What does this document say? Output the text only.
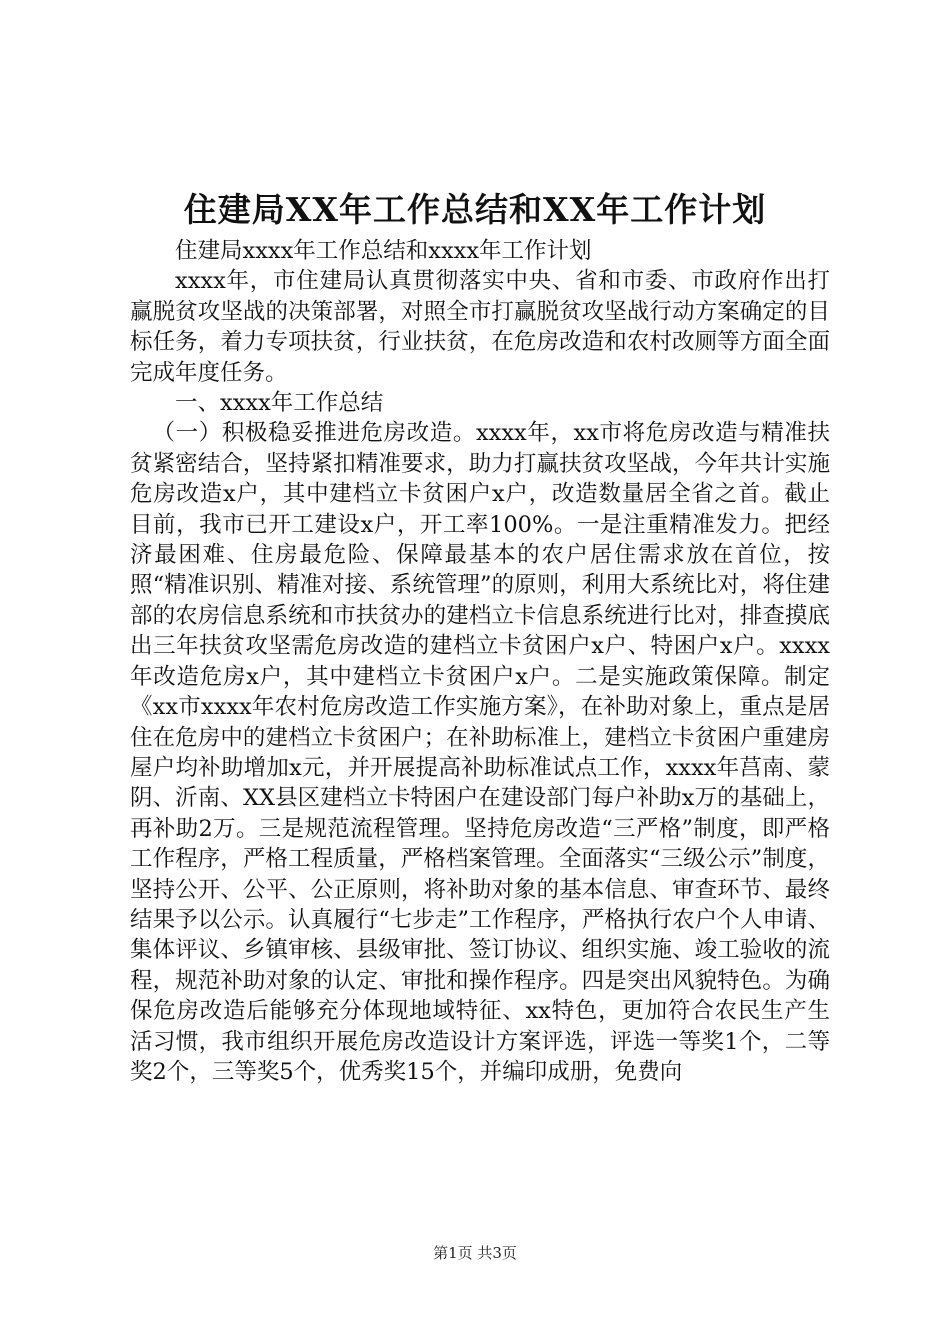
住建局XX年工作总结和XX年工作计划

住建局xxxx年工作总结和xxxx年工作计划

xxxx年，市住建局认真贯彻落实中央、省和市委、市政府作出打赢脱贫攻坚战的决策部署，对照全市打赢脱贫攻坚战行动方案确定的目标任务，着力专项扶贫，行业扶贫，在危房改造和农村改厕等方面全面完成年度任务。

一、xxxx年工作总结

（一）积极稳妥推进危房改造。xxxx年，xx市将危房改造与精准扶贫紧密结合，坚持紧扣精准要求，助力打赢扶贫攻坚战，今年共计实施危房改造x户，其中建档立卡贫困户x户，改造数量居全省之首。截止目前，我市已开工建设x户，开工率100%。一是注重精准发力。把经济最困难、住房最危险、保障最基本的农户居住需求放在首位，按照“精准识别、精准对接、系统管理”的原则，利用大系统比对，将住建部的农房信息系统和市扶贫办的建档立卡信息系统进行比对，排查摸底出三年扶贫攻坚需危房改造的建档立卡贫困户x户、特困户x户。xxxx年改造危房x户，其中建档立卡贫困户x户。二是实施政策保障。制定《xx市xxxx年农村危房改造工作实施方案》，在补助对象上，重点是居住在危房中的建档立卡贫困户；在补助标准上，建档立卡贫困户重建房屋户均补助增加x元，并开展提高补助标准试点工作，xxxx年莒南、蒙阴、沂南、XX县区建档立卡特困户在建设部门每户补助x万的基础上，再补助2万。三是规范流程管理。坚持危房改造“三严格”制度，即严格工作程序，严格工程质量，严格档案管理。全面落实“三级公示”制度，坚持公开、公平、公正原则，将补助对象的基本信息、审查环节、最终结果予以公示。认真履行“七步走”工作程序，严格执行农户个人申请、集体评议、乡镇审核、县级审批、签订协议、组织实施、竣工验收的流程，规范补助对象的认定、审批和操作程序。四是突出风貌特色。为确保危房改造后能够充分体现地域特征、xx特色，更加符合农民生产生活习惯，我市组织开展危房改造设计方案评选，评选一等奖1个，二等奖2个，三等奖5个，优秀奖15个，并编印成册，免费向

第1页 共3页
